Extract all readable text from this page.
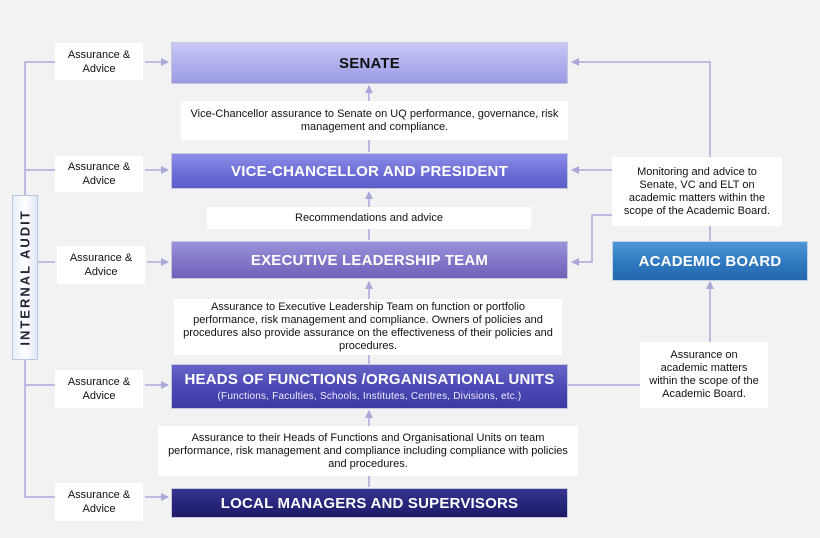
INTERNAL AUDIT
Assurance &
Advice
Assurance &
Advice
Assurance &
Advice
Assurance &
Advice
Assurance &
Advice
SENATE
Vice-Chancellor assurance to Senate on UQ performance, governance, risk management and compliance.
VICE-CHANCELLOR AND PRESIDENT
Recommendations and advice
EXECUTIVE LEADERSHIP TEAM
Assurance to Executive Leadership Team on function or portfolio performance, risk management and compliance. Owners of policies and procedures also provide assurance on the effectiveness of their policies and procedures.
HEADS OF FUNCTIONS /ORGANISATIONAL UNITS
(Functions, Faculties, Schools, Institutes, Centres, Divisions, etc.)
Assurance to their Heads of Functions and Organisational Units on team performance, risk management and compliance including compliance with policies and procedures.
LOCAL MANAGERS AND SUPERVISORS
Monitoring and advice to Senate, VC and ELT on academic matters within the scope of the Academic Board.
ACADEMIC BOARD
Assurance on academic matters within the scope of the Academic Board.
